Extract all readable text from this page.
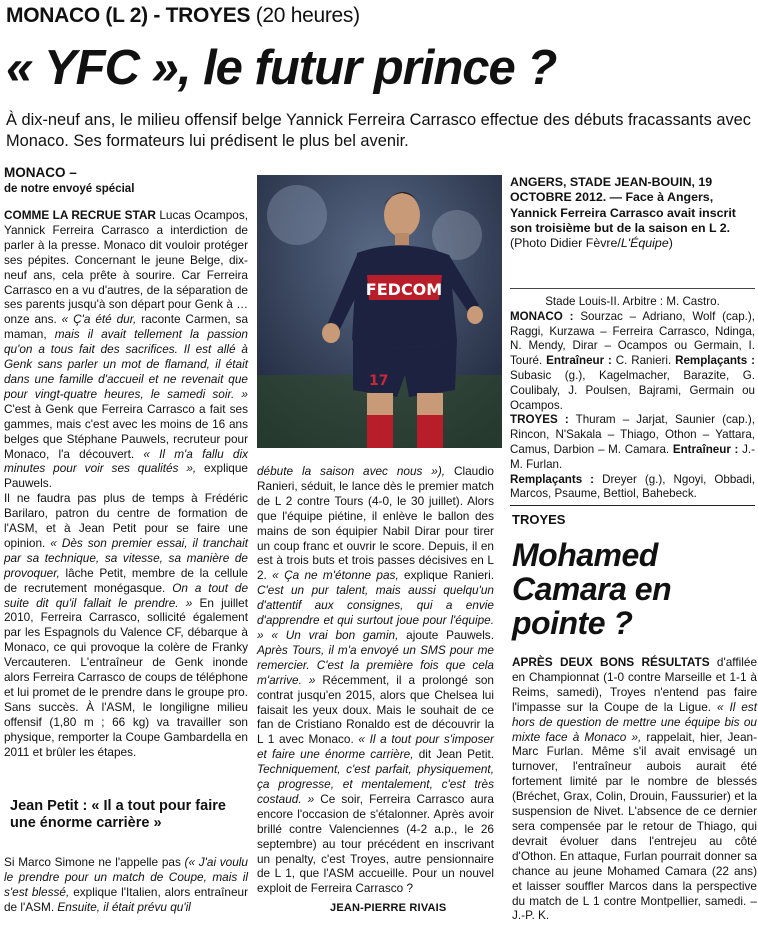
MONACO (L 2) - TROYES (20 heures)
« YFC », le futur prince ?
À dix-neuf ans, le milieu offensif belge Yannick Ferreira Carrasco effectue des débuts fracassants avec Monaco. Ses formateurs lui prédisent le plus bel avenir.
MONACO –
de notre envoyé spécial

COMME LA RECRUE STAR Lucas Ocampos, Yannick Ferreira Carrasco a interdiction de parler à la presse. Monaco dit vouloir protéger ses pépites. Concernant le jeune Belge, dix-neuf ans, cela prête à sourire. Car Ferreira Carrasco en a vu d'autres, de la séparation de ses parents jusqu'à son départ pour Genk à …onze ans. « Ç'a été dur, raconte Carmen, sa maman, mais il avait tellement la passion qu'on a tous fait des sacrifices. Il est allé à Genk sans parler un mot de flamand, il était dans une famille d'accueil et ne revenait que pour vingt-quatre heures, le samedi soir. » C'est à Genk que Ferreira Carrasco a fait ses gammes, mais c'est avec les moins de 16 ans belges que Stéphane Pauwels, recruteur pour Monaco, l'a découvert. « Il m'a fallu dix minutes pour voir ses qualités », explique Pauwels.

Il ne faudra pas plus de temps à Frédéric Barilaro, patron du centre de formation de l'ASM, et à Jean Petit pour se faire une opinion. « Dès son premier essai, il tranchait par sa technique, sa vitesse, sa manière de provoquer, lâche Petit, membre de la cellule de recrutement monégasque. On a tout de suite dit qu'il fallait le prendre. » En juillet 2010, Ferreira Carrasco, sollicité également par les Espagnols du Valence CF, débarque à Monaco, ce qui provoque la colère de Franky Vercauteren. L'entraîneur de Genk inonde alors Ferreira Carrasco de coups de téléphone et lui promet de le prendre dans le groupe pro. Sans succès. À l'ASM, le longiligne milieu offensif (1,80 m ; 66 kg) va travailler son physique, remporter la Coupe Gambardella en 2011 et brûler les étapes.

Jean Petit : « Il a tout pour faire une énorme carrière »

Si Marco Simone ne l'appelle pas (« J'ai voulu le prendre pour un match de Coupe, mais il s'est blessé, explique l'Italien, alors entraîneur de l'ASM. Ensuite, il était prévu qu'il

FEDCOM
17

débute la saison avec nous »), Claudio Ranieri, séduit, le lance dès le premier match de L 2 contre Tours (4-0, le 30 juillet). Alors que l'équipe piétine, il enlève le ballon des mains de son équipier Nabil Dirar pour tirer un coup franc et ouvrir le score. Depuis, il en est à trois buts et trois passes décisives en L 2. « Ça ne m'étonne pas, explique Ranieri. C'est un pur talent, mais aussi quelqu'un d'attentif aux consignes, qui a envie d'apprendre et qui surtout joue pour l'équipe. » « Un vrai bon gamin, ajoute Pauwels. Après Tours, il m'a envoyé un SMS pour me remercier. C'est la première fois que cela m'arrive. » Récemment, il a prolongé son contrat jusqu'en 2015, alors que Chelsea lui faisait les yeux doux. Mais le souhait de ce fan de Cristiano Ronaldo est de découvrir la L 1 avec Monaco. « Il a tout pour s'imposer et faire une énorme carrière, dit Jean Petit. Techniquement, c'est parfait, physiquement, ça progresse, et mentalement, c'est très costaud. » Ce soir, Ferreira Carrasco aura encore l'occasion de s'étalonner. Après avoir brillé contre Valenciennes (4-2 a.p., le 26 septembre) au tour précédent en inscrivant un penalty, c'est Troyes, autre pensionnaire de L 1, que l'ASM accueille. Pour un nouvel exploit de Ferreira Carrasco ?

JEAN-PIERRE RIVAIS
ANGERS, STADE JEAN-BOUIN, 19 OCTOBRE 2012. — Face à Angers, Yannick Ferreira Carrasco avait inscrit son troisième but de la saison en L 2. (Photo Didier Fèvre/L'Équipe)

Stade Louis-II. Arbitre : M. Castro.

MONACO : Sourzac – Adriano, Wolf (cap.), Raggi, Kurzawa – Ferreira Carrasco, Ndinga, N. Mendy, Dirar – Ocampos ou Germain, I. Touré. Entraîneur : C. Ranieri. Remplaçants : Subasic (g.), Kagelmacher, Barazite, G. Coulibaly, J. Poulsen, Bajrami, Germain ou Ocampos.

TROYES : Thuram – Jarjat, Saunier (cap.), Rincon, N'Sakala – Thiago, Othon – Yattara, Camus, Darbion – M. Camara. Entraîneur : J.-M. Furlan.

Remplaçants : Dreyer (g.), Ngoyi, Obbadi, Marcos, Psaume, Bettiol, Bahebeck.

TROYES
Mohamed Camara en pointe ?

APRÈS DEUX BONS RÉSULTATS d'affilée en Championnat (1-0 contre Marseille et 1-1 à Reims, samedi), Troyes n'entend pas faire l'impasse sur la Coupe de la Ligue. « Il est hors de question de mettre une équipe bis ou mixte face à Monaco », rappelait, hier, Jean-Marc Furlan. Même s'il avait envisagé un turnover, l'entraîneur aubois aurait été fortement limité par le nombre de blessés (Bréchet, Grax, Colin, Drouin, Faussurier) et la suspension de Nivet. L'absence de ce dernier sera compensée par le retour de Thiago, qui devrait évoluer dans l'entrejeu au côté d'Othon. En attaque, Furlan pourrait donner sa chance au jeune Mohamed Camara (22 ans) et laisser souffler Marcos dans la perspective du match de L 1 contre Montpellier, samedi. – J.-P. K.
